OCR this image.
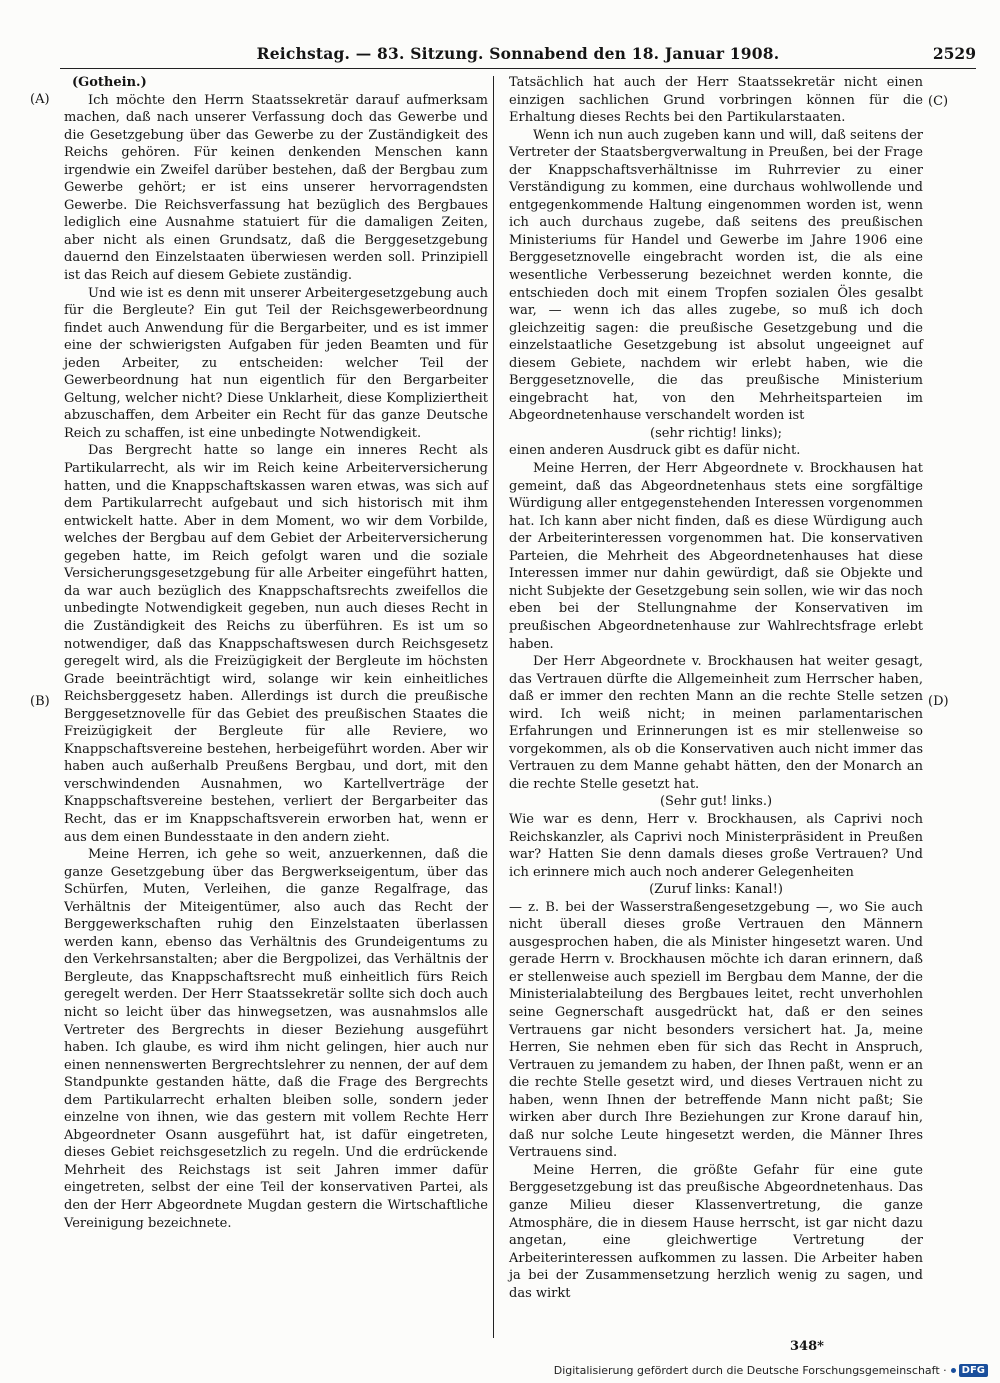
Reichstag. — 83. Sitzung. Sonnabend den 18. Januar 1908.	2529
(A)
(B)
(C)
(D)

(Gothein.)

Ich möchte den Herrn Staatssekretär darauf aufmerksam machen, daß nach unserer Verfassung doch das Gewerbe und die Gesetzgebung über das Gewerbe zu der Zuständigkeit des Reichs gehören. Für keinen denkenden Menschen kann irgendwie ein Zweifel darüber bestehen, daß der Bergbau zum Gewerbe gehört; er ist eins unserer hervorragendsten Gewerbe. Die Reichsverfassung hat bezüglich des Bergbaues lediglich eine Ausnahme statuiert für die damaligen Zeiten, aber nicht als einen Grundsatz, daß die Berggesetzgebung dauernd den Einzelstaaten überwiesen werden soll. Prinzipiell ist das Reich auf diesem Gebiete zuständig.

Und wie ist es denn mit unserer Arbeitergesetzgebung auch für die Bergleute? Ein gut Teil der Reichsgewerbeordnung findet auch Anwendung für die Bergarbeiter, und es ist immer eine der schwierigsten Aufgaben für jeden Beamten und für jeden Arbeiter, zu entscheiden: welcher Teil der Gewerbeordnung hat nun eigentlich für den Bergarbeiter Geltung, welcher nicht? Diese Unklarheit, diese Kompliziertheit abzuschaffen, dem Arbeiter ein Recht für das ganze Deutsche Reich zu schaffen, ist eine unbedingte Notwendigkeit.

Das Bergrecht hatte so lange ein inneres Recht als Partikularrecht, als wir im Reich keine Arbeiterversicherung hatten, und die Knappschaftskassen waren etwas, was sich auf dem Partikularrecht aufgebaut und sich historisch mit ihm entwickelt hatte. Aber in dem Moment, wo wir dem Vorbilde, welches der Bergbau auf dem Gebiet der Arbeiterversicherung gegeben hatte, im Reich gefolgt waren und die soziale Versicherungsgesetzgebung für alle Arbeiter eingeführt hatten, da war auch bezüglich des Knappschaftsrechts zweifellos die unbedingte Notwendigkeit gegeben, nun auch dieses Recht in die Zuständigkeit des Reichs zu überführen. Es ist um so notwendiger, daß das Knappschaftswesen durch Reichsgesetz geregelt wird, als die Freizügigkeit der Bergleute im höchsten Grade beeinträchtigt wird, solange wir kein einheitliches Reichsberggesetz haben. Allerdings ist durch die preußische Berggesetznovelle für das Gebiet des preußischen Staates die Freizügigkeit der Bergleute für alle Reviere, wo Knappschaftsvereine bestehen, herbeigeführt worden. Aber wir haben auch außerhalb Preußens Bergbau, und dort, mit den verschwindenden Ausnahmen, wo Kartellverträge der Knappschaftsvereine bestehen, verliert der Bergarbeiter das Recht, das er im Knappschaftsverein erworben hat, wenn er aus dem einen Bundesstaate in den andern zieht.

Meine Herren, ich gehe so weit, anzuerkennen, daß die ganze Gesetzgebung über das Bergwerkseigentum, über das Schürfen, Muten, Verleihen, die ganze Regalfrage, das Verhältnis der Miteigentümer, also auch das Recht der Berggewerkschaften ruhig den Einzelstaaten überlassen werden kann, ebenso das Verhältnis des Grundeigentums zu den Verkehrsanstalten; aber die Bergpolizei, das Verhältnis der Bergleute, das Knappschaftsrecht muß einheitlich fürs Reich geregelt werden. Der Herr Staatssekretär sollte sich doch auch nicht so leicht über das hinwegsetzen, was ausnahmslos alle Vertreter des Bergrechts in dieser Beziehung ausgeführt haben. Ich glaube, es wird ihm nicht gelingen, hier auch nur einen nennenswerten Bergrechtslehrer zu nennen, der auf dem Standpunkte gestanden hätte, daß die Frage des Bergrechts dem Partikularrecht erhalten bleiben solle, sondern jeder einzelne von ihnen, wie das gestern mit vollem Rechte Herr Abgeordneter Osann ausgeführt hat, ist dafür eingetreten, dieses Gebiet reichsgesetzlich zu regeln. Und die erdrückende Mehrheit des Reichstags ist seit Jahren immer dafür eingetreten, selbst der eine Teil der konservativen Partei, als den der Herr Abgeordnete Mugdan gestern die Wirtschaftliche Vereinigung bezeichnete.

Tatsächlich hat auch der Herr Staatssekretär nicht einen einzigen sachlichen Grund vorbringen können für die Erhaltung dieses Rechts bei den Partikularstaaten.

Wenn ich nun auch zugeben kann und will, daß seitens der Vertreter der Staatsbergverwaltung in Preußen, bei der Frage der Knappschaftsverhältnisse im Ruhrrevier zu einer Verständigung zu kommen, eine durchaus wohlwollende und entgegenkommende Haltung eingenommen worden ist, wenn ich auch durchaus zugebe, daß seitens des preußischen Ministeriums für Handel und Gewerbe im Jahre 1906 eine Berggesetznovelle eingebracht worden ist, die als eine wesentliche Verbesserung bezeichnet werden konnte, die entschieden doch mit einem Tropfen sozialen Öles gesalbt war, — wenn ich das alles zugebe, so muß ich doch gleichzeitig sagen: die preußische Gesetzgebung und die einzelstaatliche Gesetzgebung ist absolut ungeeignet auf diesem Gebiete, nachdem wir erlebt haben, wie die Berggesetznovelle, die das preußische Ministerium eingebracht hat, von den Mehrheitsparteien im Abgeordnetenhause verschandelt worden ist

(sehr richtig! links);

einen anderen Ausdruck gibt es dafür nicht.

Meine Herren, der Herr Abgeordnete v. Brockhausen hat gemeint, daß das Abgeordnetenhaus stets eine sorgfältige Würdigung aller entgegenstehenden Interessen vorgenommen hat. Ich kann aber nicht finden, daß es diese Würdigung auch der Arbeiterinteressen vorgenommen hat. Die konservativen Parteien, die Mehrheit des Abgeordnetenhauses hat diese Interessen immer nur dahin gewürdigt, daß sie Objekte und nicht Subjekte der Gesetzgebung sein sollen, wie wir das noch eben bei der Stellungnahme der Konservativen im preußischen Abgeordnetenhause zur Wahlrechtsfrage erlebt haben.

Der Herr Abgeordnete v. Brockhausen hat weiter gesagt, das Vertrauen dürfte die Allgemeinheit zum Herrscher haben, daß er immer den rechten Mann an die rechte Stelle setzen wird. Ich weiß nicht; in meinen parlamentarischen Erfahrungen und Erinnerungen ist es mir stellenweise so vorgekommen, als ob die Konservativen auch nicht immer das Vertrauen zu dem Manne gehabt hätten, den der Monarch an die rechte Stelle gesetzt hat.

(Sehr gut! links.)

Wie war es denn, Herr v. Brockhausen, als Caprivi noch Reichskanzler, als Caprivi noch Ministerpräsident in Preußen war? Hatten Sie denn damals dieses große Vertrauen? Und ich erinnere mich auch noch anderer Gelegenheiten

(Zuruf links: Kanal!)

— z. B. bei der Wasserstraßengesetzgebung —, wo Sie auch nicht überall dieses große Vertrauen den Männern ausgesprochen haben, die als Minister hingesetzt waren. Und gerade Herrn v. Brockhausen möchte ich daran erinnern, daß er stellenweise auch speziell im Bergbau dem Manne, der die Ministerialabteilung des Bergbaues leitet, recht unverhohlen seine Gegnerschaft ausgedrückt hat, daß er den seines Vertrauens gar nicht besonders versichert hat. Ja, meine Herren, Sie nehmen eben für sich das Recht in Anspruch, Vertrauen zu jemandem zu haben, der Ihnen paßt, wenn er an die rechte Stelle gesetzt wird, und dieses Vertrauen nicht zu haben, wenn Ihnen der betreffende Mann nicht paßt; Sie wirken aber durch Ihre Beziehungen zur Krone darauf hin, daß nur solche Leute hingesetzt werden, die Männer Ihres Vertrauens sind.

Meine Herren, die größte Gefahr für eine gute Berggesetzgebung ist das preußische Abgeordnetenhaus. Das ganze Milieu dieser Klassenvertretung, die ganze Atmosphäre, die in diesem Hause herrscht, ist gar nicht dazu angetan, eine gleichwertige Vertretung der Arbeiterinteressen aufkommen zu lassen. Die Arbeiter haben ja bei der Zusammensetzung herzlich wenig zu sagen, und das wirkt

348*
Digitalisierung gefördert durch die Deutsche Forschungsgemeinschaft ·	DFG
